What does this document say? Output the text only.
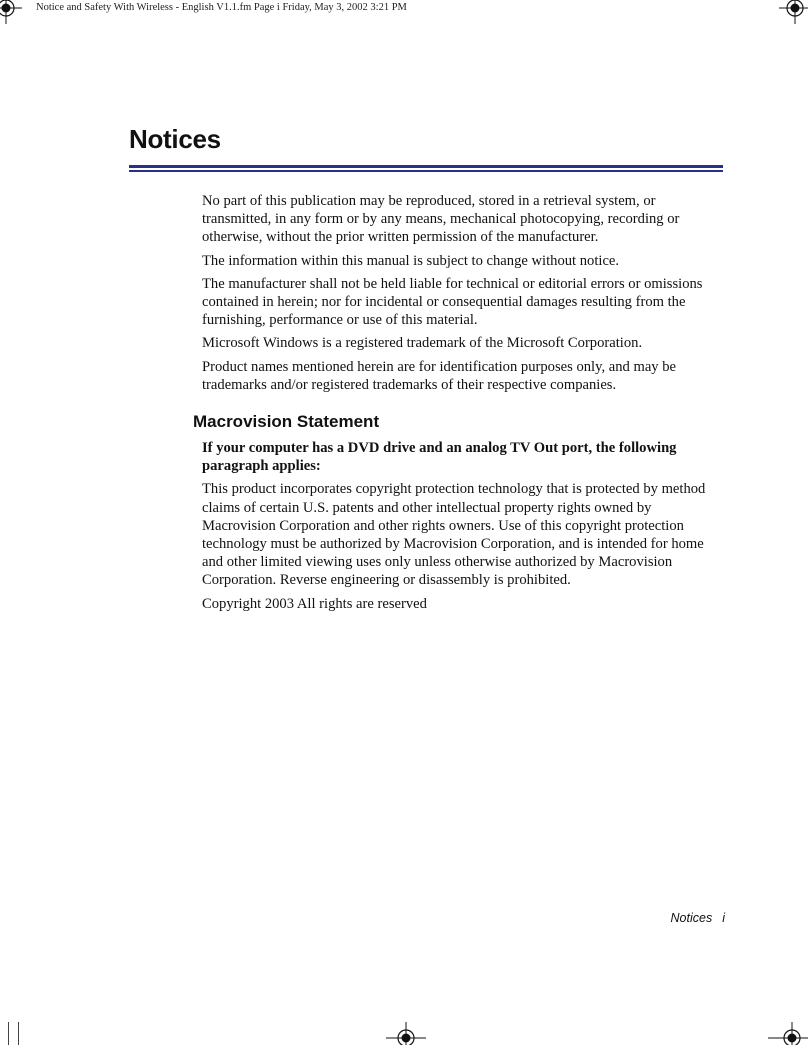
Notice and Safety With Wireless - English V1.1.fm Page i Friday, May 3, 2002 3:21 PM
Notices

No part of this publication may be reproduced, stored in a retrieval system, or transmitted, in any form or by any means, mechanical photocopying, recording or otherwise, without the prior written permission of the manufacturer.

The information within this manual is subject to change without notice.

The manufacturer shall not be held liable for technical or editorial errors or omissions contained in herein; nor for incidental or consequential damages resulting from the furnishing, performance or use of this material.

Microsoft Windows is a registered trademark of the Microsoft Corporation.

Product names mentioned herein are for identification purposes only, and may be trademarks and/or registered trademarks of their respective companies.

Macrovision Statement

If your computer has a DVD drive and an analog TV Out port, the following paragraph applies:

This product incorporates copyright protection technology that is protected by method claims of certain U.S. patents and other intellectual property rights owned by Macrovision Corporation and other rights owners. Use of this copyright protection technology must be authorized by Macrovision Corporation, and is intended for home and other limited viewing uses only unless otherwise authorized by Macrovision Corporation. Reverse engineering or disassembly is prohibited.

Copyright 2003 All rights are reserved

Notices i
